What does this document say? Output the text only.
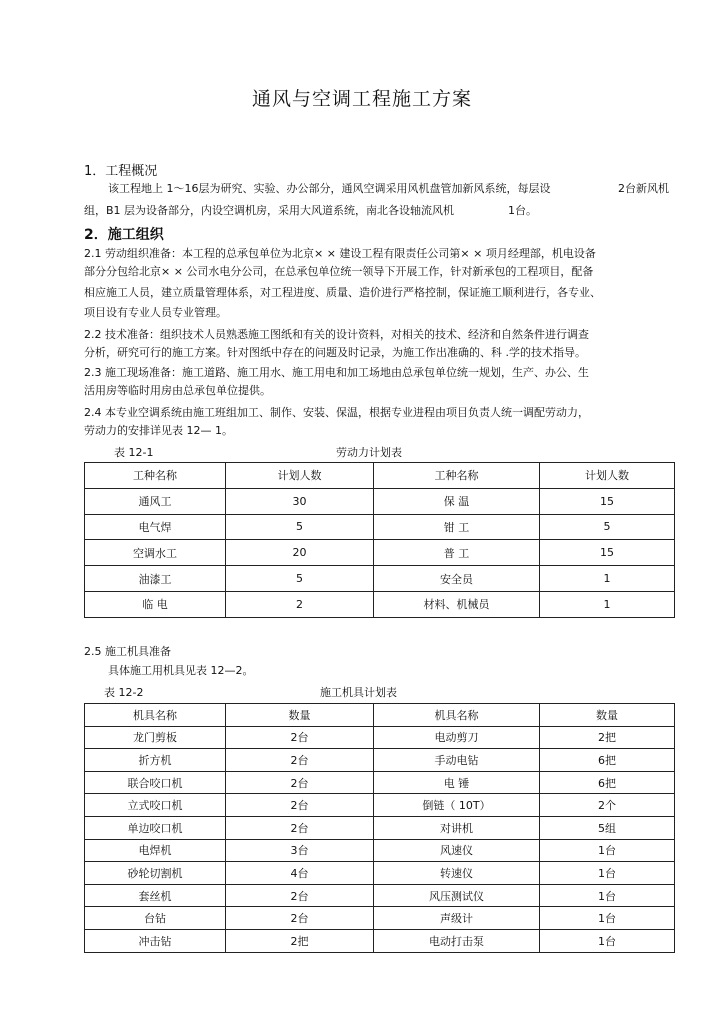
通风与空调工程施工方案
1．工程概况
该工程地上 1～16层为研究、实验、办公部分，通风空调采用风机盘管加新风系统，每层设	2台新风机
组，B1 层为设备部分，内设空调机房，采用大风道系统，南北各设轴流风机	1台。
2．施工组织
2.1 劳动组织准备：本工程的总承包单位为北京× × 建设工程有限责任公司第× × 项月经理部，机电设备
部分分包给北京× × 公司水电分公司，在总承包单位统一领导下开展工作，针对新承包的工程项目，配备
相应施工人员，建立质量管理体系，对工程进度、质量、造价进行严格控制，保证施工顺利进行，各专业、
项目设有专业人员专业管理。
2.2 技术准备：组织技术人员熟悉施工图纸和有关的设计资料，对相关的技术、经济和自然条件进行调查
分析，研究可行的施工方案。针对图纸中存在的问题及时记录，为施工作出准确的、科 .学的技术指导。
2.3 施工现场准备：施工道路、施工用水、施工用电和加工场地由总承包单位统一规划，生产、办公、生
活用房等临时用房由总承包单位提供。
2.4 本专业空调系统由施工班组加工、制作、安装、保温，根据专业进程由项目负责人统一调配劳动力，
劳动力的安排详见表 12— 1。
表 12-1	劳动力计划表
工种名称	计划人数	工种名称	计划人数
通风工	30	保 温	15
电气焊	5	钳 工	5
空调水工	20	普 工	15
油漆工	5	安全员	1
临 电	2	材料、机械员	1
2.5 施工机具准备
具体施工用机具见表 12—2。
表 12-2	施工机具计划表
机具名称	数量	机具名称	数量
龙门剪板	2台	电动剪刀	2把
折方机	2台	手动电钻	6把
联合咬口机	2台	电 锤	6把
立式咬口机	2台	倒链（ 10T）	2个
单边咬口机	2台	对讲机	5组
电焊机	3台	风速仪	1台
砂轮切割机	4台	转速仪	1台
套丝机	2台	风压测试仪	1台
台钻	2台	声级计	1台
冲击钻	2把	电动打击泵	1台
